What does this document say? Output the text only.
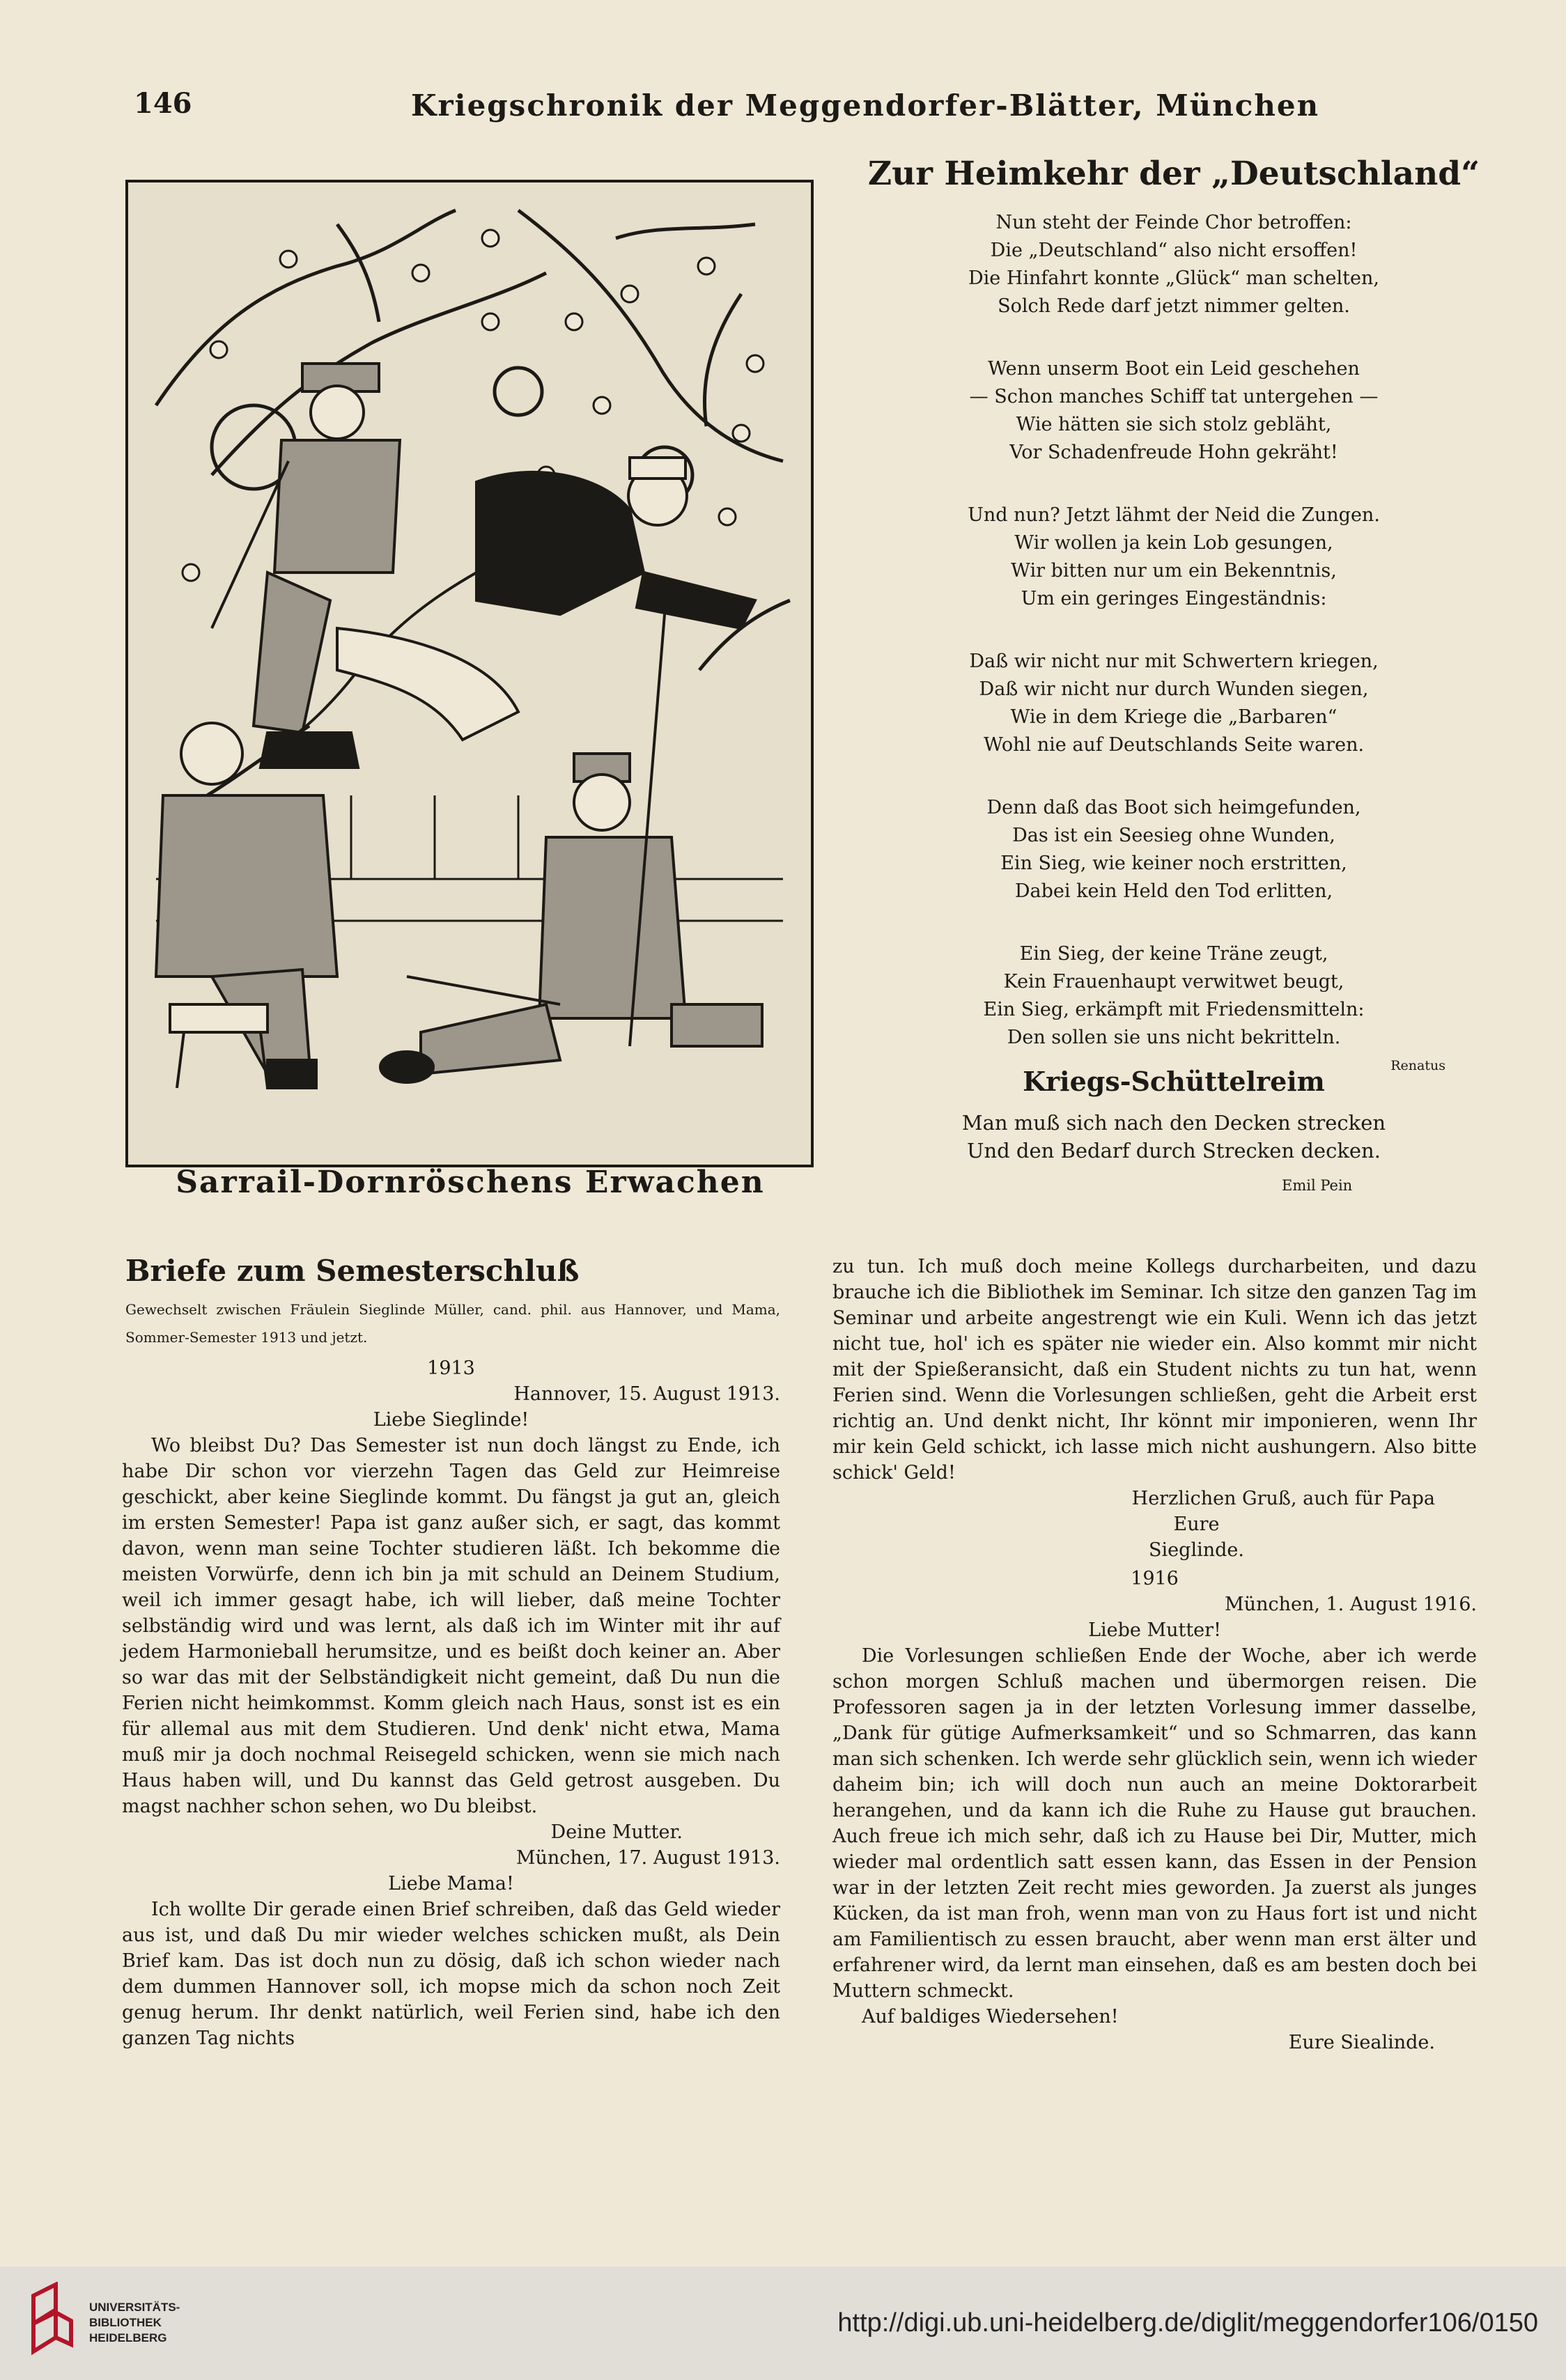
146	Kriegschronik der Meggendorfer-Blätter, München
Sarrail-Dornröschens Erwachen
Zur Heimkehr der „Deutschland“
Nun steht der Feinde Chor betroffen:
Die „Deutschland“ also nicht ersoffen!
Die Hinfahrt konnte „Glück“ man schelten,
Solch Rede darf jetzt nimmer gelten.
Wenn unserm Boot ein Leid geschehen
— Schon manches Schiff tat untergehen —
Wie hätten sie sich stolz gebläht,
Vor Schadenfreude Hohn gekräht!
Und nun? Jetzt lähmt der Neid die Zungen.
Wir wollen ja kein Lob gesungen,
Wir bitten nur um ein Bekenntnis,
Um ein geringes Eingeständnis:
Daß wir nicht nur mit Schwertern kriegen,
Daß wir nicht nur durch Wunden siegen,
Wie in dem Kriege die „Barbaren“
Wohl nie auf Deutschlands Seite waren.
Denn daß das Boot sich heimgefunden,
Das ist ein Seesieg ohne Wunden,
Ein Sieg, wie keiner noch erstritten,
Dabei kein Held den Tod erlitten,
Ein Sieg, der keine Träne zeugt,
Kein Frauenhaupt verwitwet beugt,
Ein Sieg, erkämpft mit Friedensmitteln:
Den sollen sie uns nicht bekritteln.
Renatus
Kriegs-Schüttelreim
Man muß sich nach den Decken strecken
Und den Bedarf durch Strecken decken.
Emil Pein
Briefe zum Semesterschluß
Gewechselt zwischen Fräulein Sieglinde Müller, cand. phil. aus Hannover, und Mama, Sommer-Semester 1913 und jetzt.

1913

Hannover, 15. August 1913.

Liebe Sieglinde!

Wo bleibst Du? Das Semester ist nun doch längst zu Ende, ich habe Dir schon vor vierzehn Tagen das Geld zur Heimreise geschickt, aber keine Sieglinde kommt. Du fängst ja gut an, gleich im ersten Semester! Papa ist ganz außer sich, er sagt, das kommt davon, wenn man seine Tochter studieren läßt. Ich bekomme die meisten Vorwürfe, denn ich bin ja mit schuld an Deinem Studium, weil ich immer gesagt habe, ich will lieber, daß meine Tochter selbständig wird und was lernt, als daß ich im Winter mit ihr auf jedem Harmonieball herumsitze, und es beißt doch keiner an. Aber so war das mit der Selbständigkeit nicht gemeint, daß Du nun die Ferien nicht heimkommst. Komm gleich nach Haus, sonst ist es ein für allemal aus mit dem Studieren. Und denk' nicht etwa, Mama muß mir ja doch nochmal Reisegeld schicken, wenn sie mich nach Haus haben will, und Du kannst das Geld getrost ausgeben. Du magst nachher schon sehen, wo Du bleibst.

Deine Mutter.

München, 17. August 1913.

Liebe Mama!

Ich wollte Dir gerade einen Brief schreiben, daß das Geld wieder aus ist, und daß Du mir wieder welches schicken mußt, als Dein Brief kam. Das ist doch nun zu dösig, daß ich schon wieder nach dem dummen Hannover soll, ich mopse mich da schon noch Zeit genug herum. Ihr denkt natürlich, weil Ferien sind, habe ich den ganzen Tag nichts

zu tun. Ich muß doch meine Kollegs durcharbeiten, und dazu brauche ich die Bibliothek im Seminar. Ich sitze den ganzen Tag im Seminar und arbeite angestrengt wie ein Kuli. Wenn ich das jetzt nicht tue, hol' ich es später nie wieder ein. Also kommt mir nicht mit der Spießeransicht, daß ein Student nichts zu tun hat, wenn Ferien sind. Wenn die Vorlesungen schließen, geht die Arbeit erst richtig an. Und denkt nicht, Ihr könnt mir imponieren, wenn Ihr mir kein Geld schickt, ich lasse mich nicht aushungern. Also bitte schick' Geld!

Herzlichen Gruß, auch für Papa

Eure

Sieglinde.

1916

München, 1. August 1916.

Liebe Mutter!

Die Vorlesungen schließen Ende der Woche, aber ich werde schon morgen Schluß machen und übermorgen reisen. Die Professoren sagen ja in der letzten Vorlesung immer dasselbe, „Dank für gütige Aufmerksamkeit“ und so Schmarren, das kann man sich schenken. Ich werde sehr glücklich sein, wenn ich wieder daheim bin; ich will doch nun auch an meine Doktorarbeit herangehen, und da kann ich die Ruhe zu Hause gut brauchen. Auch freue ich mich sehr, daß ich zu Hause bei Dir, Mutter, mich wieder mal ordentlich satt essen kann, das Essen in der Pension war in der letzten Zeit recht mies geworden. Ja zuerst als junges Kücken, da ist man froh, wenn man von zu Haus fort ist und nicht am Familientisch zu essen braucht, aber wenn man erst älter und erfahrener wird, da lernt man einsehen, daß es am besten doch bei Muttern schmeckt.

Auf baldiges Wiedersehen!

Eure Siealinde.

UNIVERSITÄTS-
BIBLIOTHEK
HEIDELBERG
http://digi.ub.uni-heidelberg.de/diglit/meggendorfer106/0150
